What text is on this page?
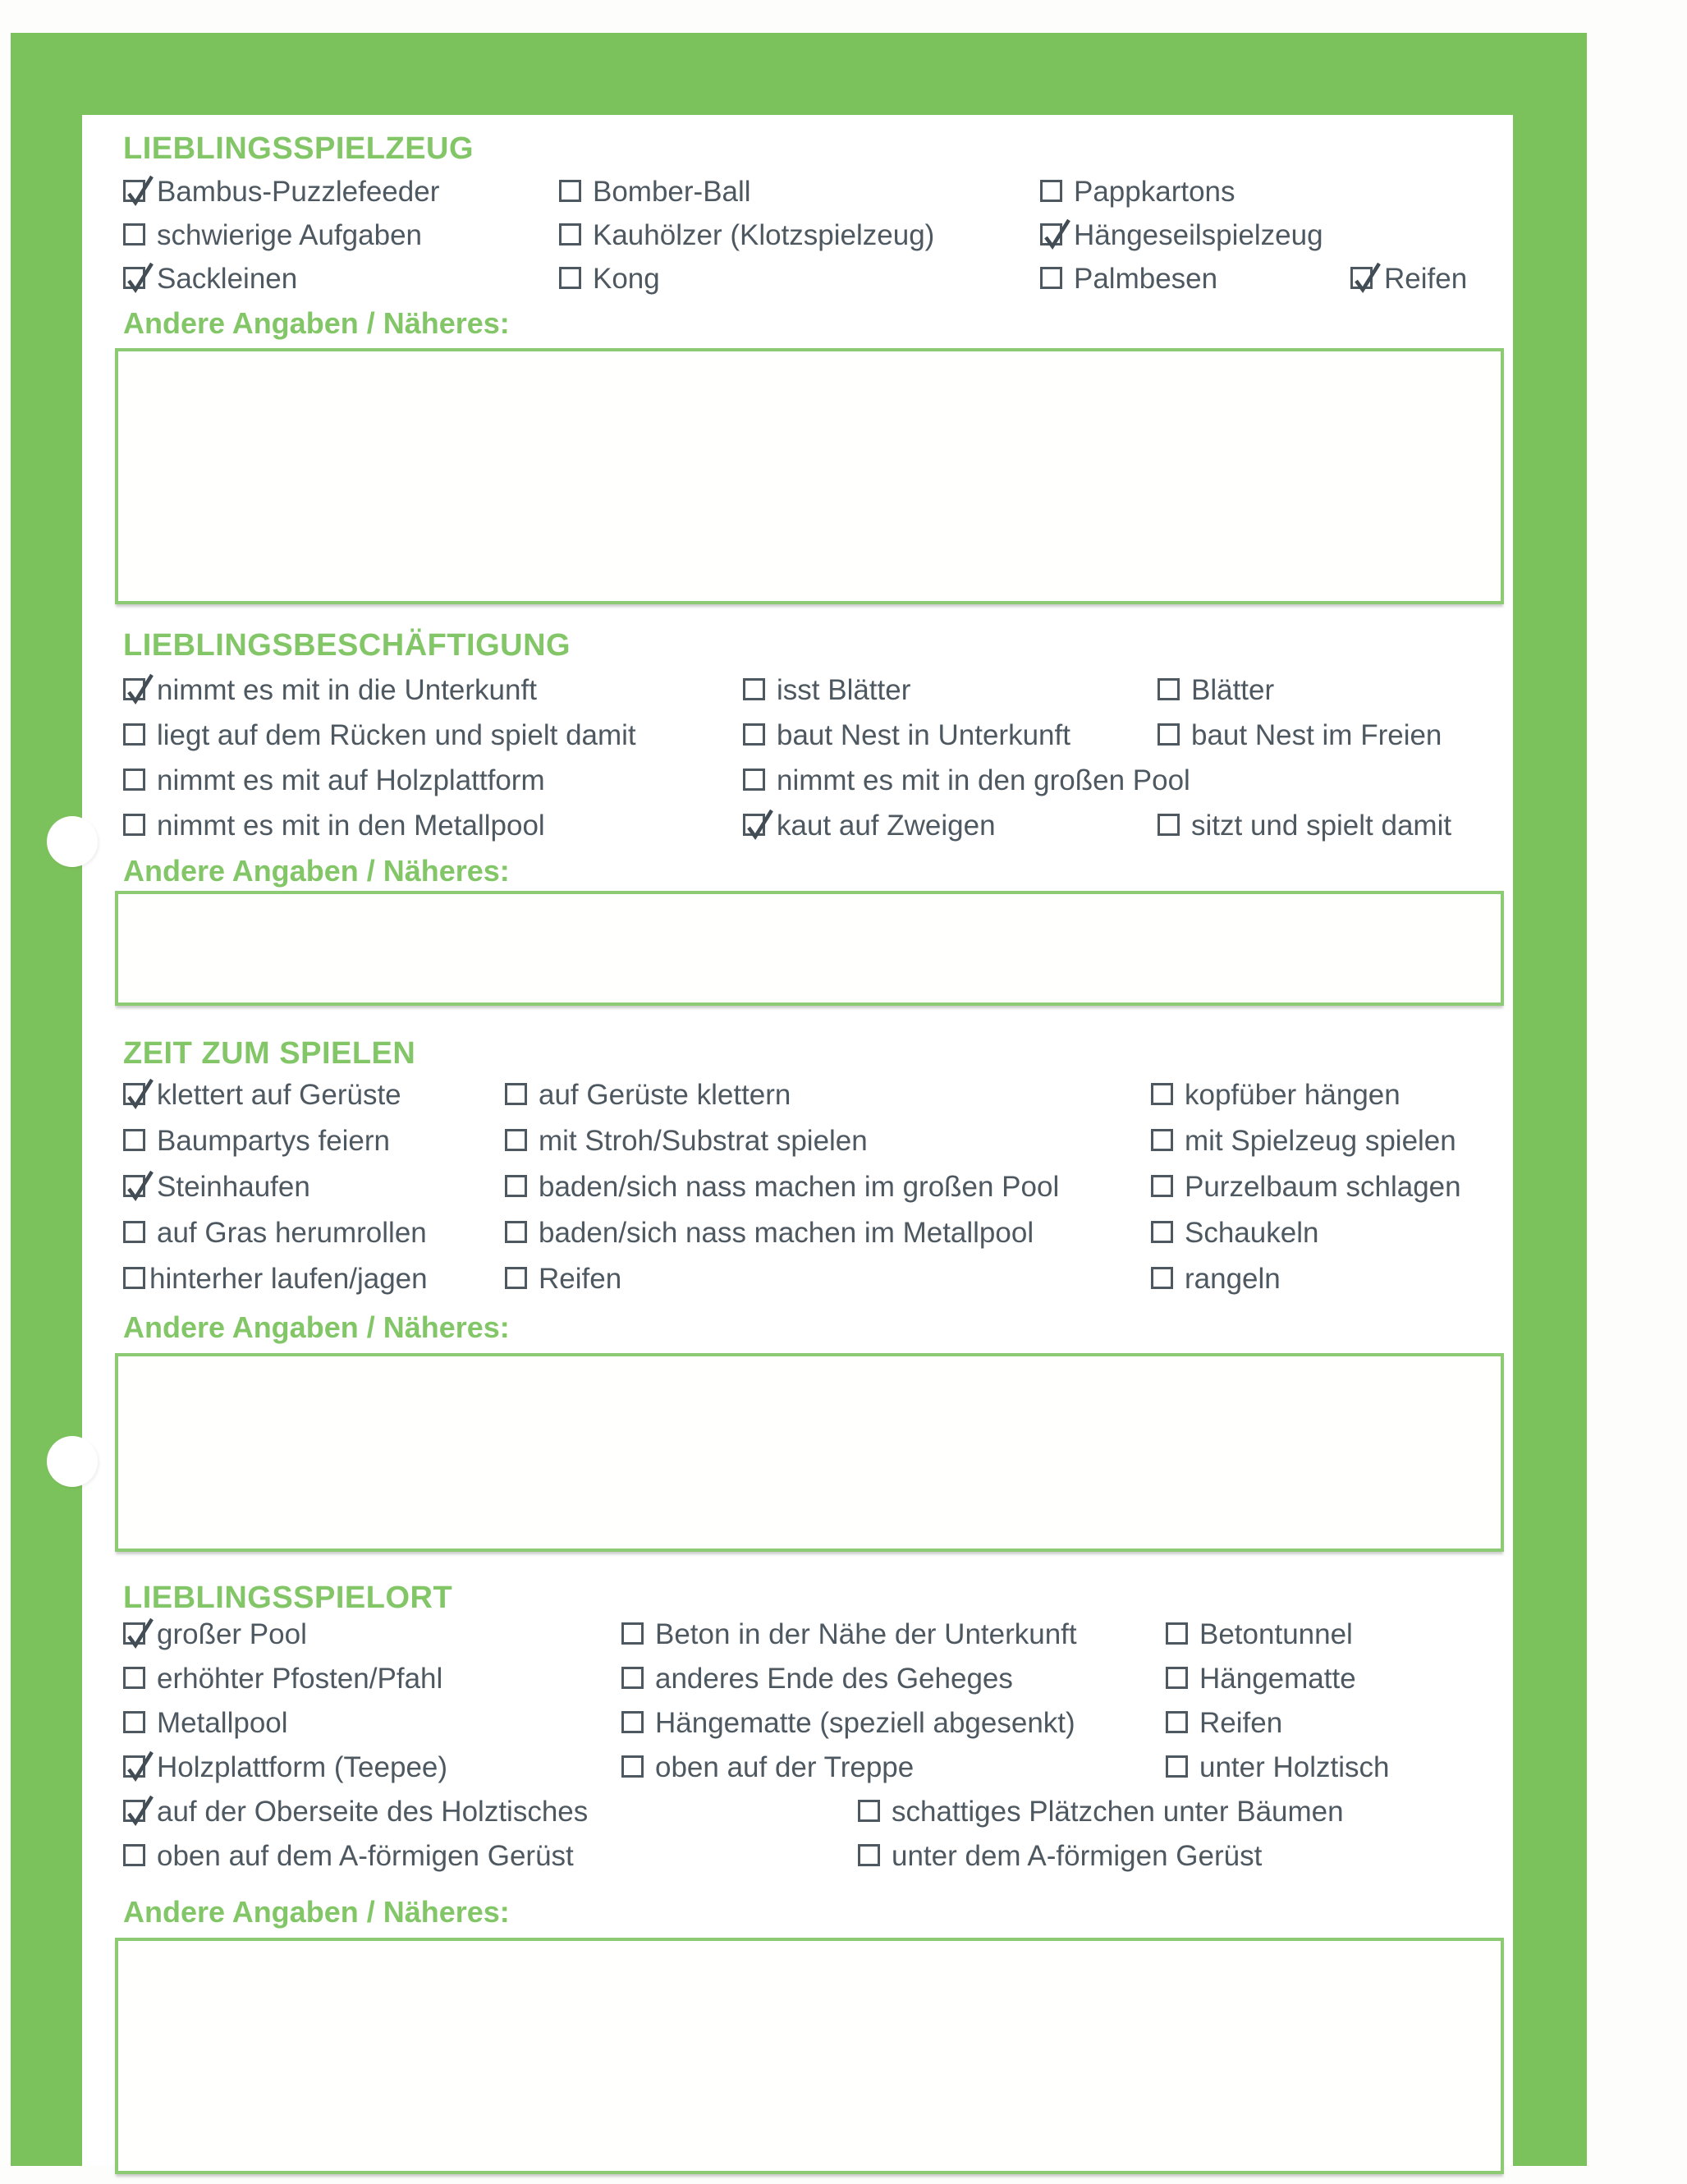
LIEBLINGSSPIELZEUG
Bambus-Puzzlefeeder	Bomber-Ball	Pappkartons
schwierige Aufgaben	Kauhölzer (Klotzspielzeug)	Hängeseilspielzeug
Sackleinen	Kong	Palmbesen	Reifen
Andere Angaben / Näheres:
LIEBLINGSBESCHÄFTIGUNG
nimmt es mit in die Unterkunft	isst Blätter	Blätter
liegt auf dem Rücken und spielt damit	baut Nest in Unterkunft	baut Nest im Freien
nimmt es mit auf Holzplattform	nimmt es mit in den großen Pool
nimmt es mit in den Metallpool	kaut auf Zweigen	sitzt und spielt damit
Andere Angaben / Näheres:
ZEIT ZUM SPIELEN
klettert auf Gerüste	auf Gerüste klettern	kopfüber hängen
Baumpartys feiern	mit Stroh/Substrat spielen	mit Spielzeug spielen
Steinhaufen	baden/sich nass machen im großen Pool	Purzelbaum schlagen
auf Gras herumrollen	baden/sich nass machen im Metallpool	Schaukeln
hinterher laufen/jagen	Reifen	rangeln
Andere Angaben / Näheres:
LIEBLINGSSPIELORT
großer Pool	Beton in der Nähe der Unterkunft	Betontunnel
erhöhter Pfosten/Pfahl	anderes Ende des Geheges	Hängematte
Metallpool	Hängematte (speziell abgesenkt)	Reifen
Holzplattform (Teepee)	oben auf der Treppe	unter Holztisch
auf der Oberseite des Holztisches	schattiges Plätzchen unter Bäumen
oben auf dem A-förmigen Gerüst	unter dem A-förmigen Gerüst
Andere Angaben / Näheres:
